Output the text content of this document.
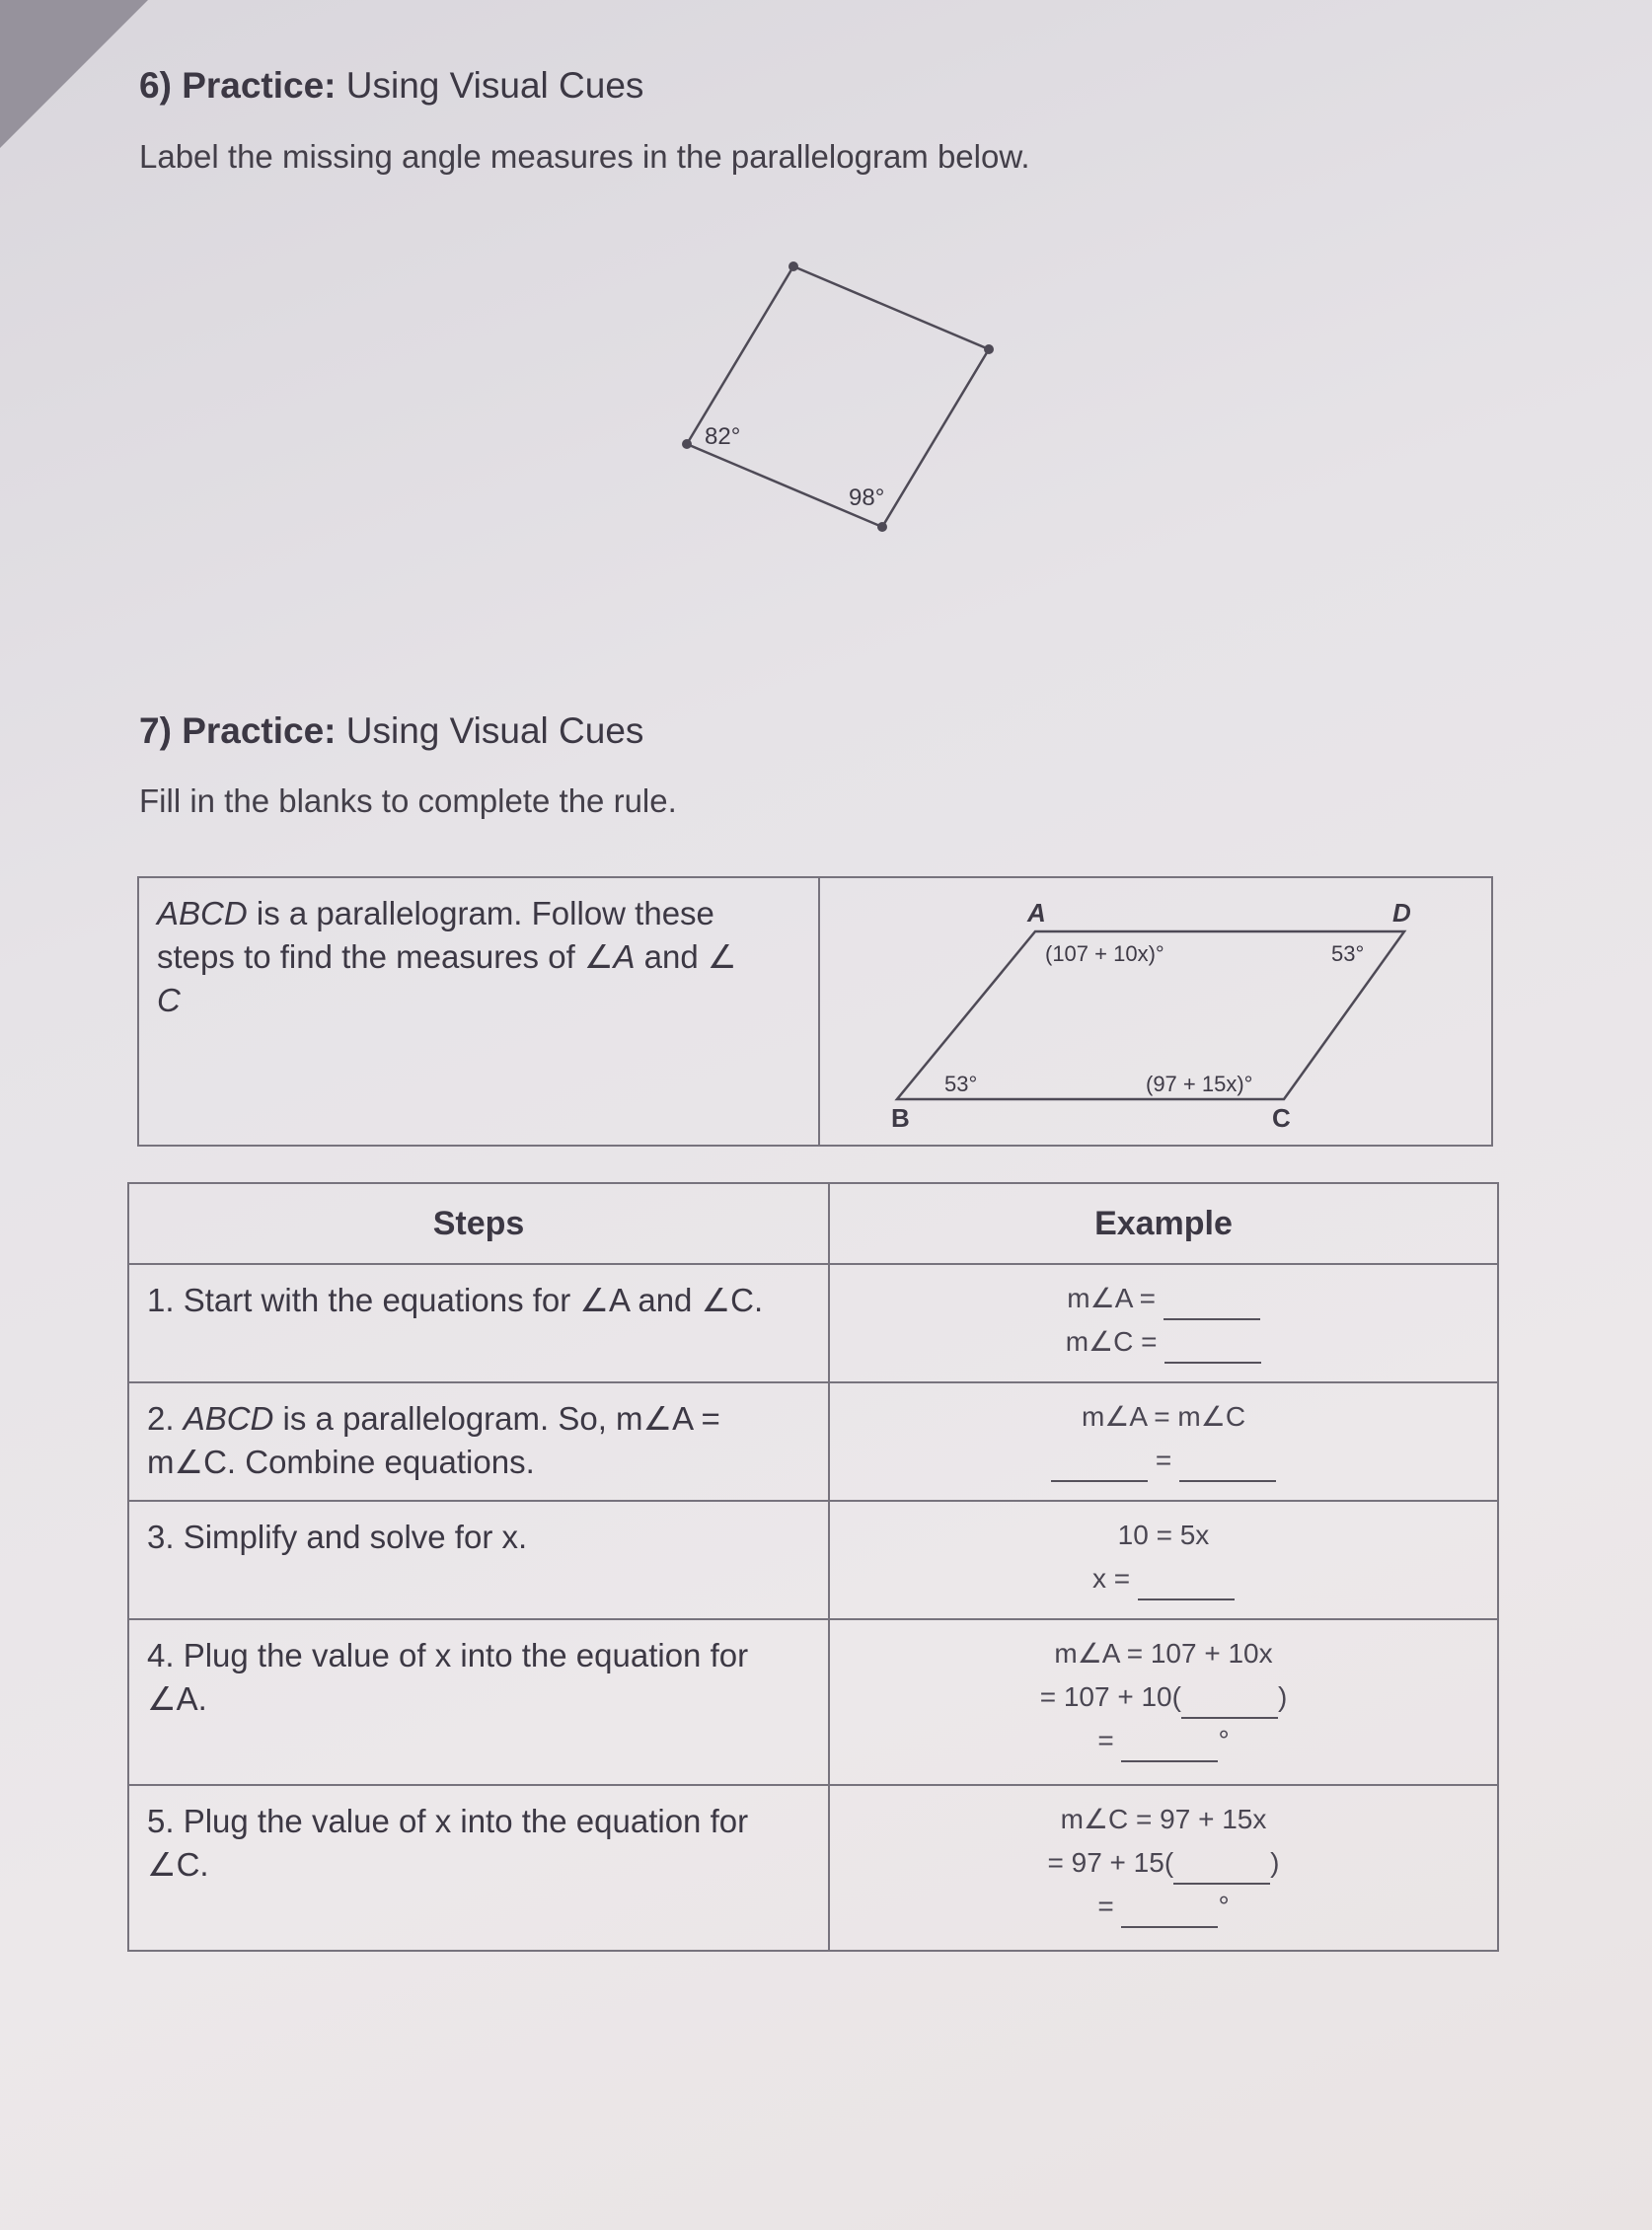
6) Practice: Using Visual Cues
Label the missing angle measures in the parallelogram below.
82°
98°
7) Practice: Using Visual Cues
Fill in the blanks to complete the rule.
ABCD is a parallelogram. Follow these steps to find the measures of ∠A and ∠
C	
A	D
B	C
(107 + 10x)°	53°
53°	(97 + 15x)°
Steps	Example
1. Start with the equations for ∠A and ∠C.	m∠A =
m∠C =

2. ABCD is a parallelogram. So, m∠A = m∠C. Combine equations.	m∠A = m∠C
=

3. Simplify and solve for x.	10 = 5x
x =

4. Plug the value of x into the equation for ∠A.	m∠A = 107 + 10x
= 107 + 10( )
= °

5. Plug the value of x into the equation for ∠C.	m∠C = 97 + 15x
= 97 + 15( )
= °
